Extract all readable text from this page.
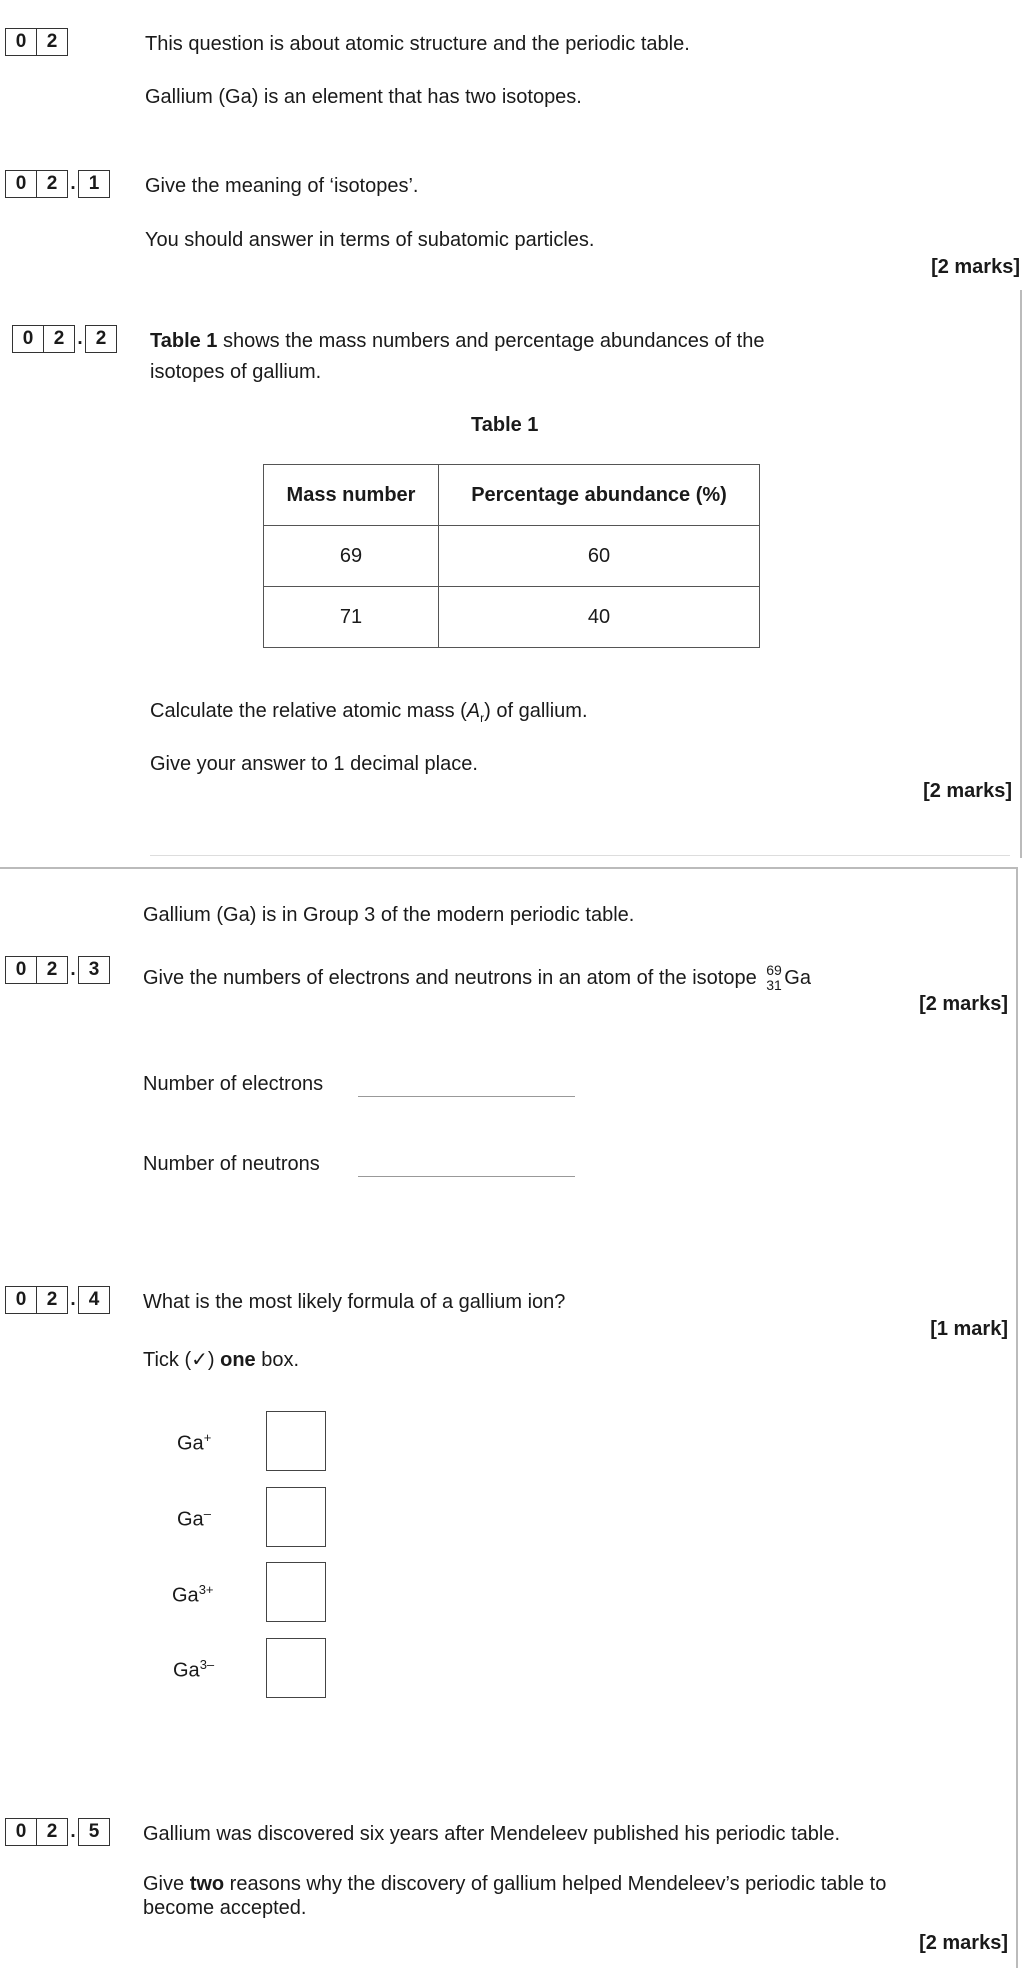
0	2	This question is about atomic structure and the periodic table.
Gallium (Ga) is an element that has two isotopes.
0	2 . 1	Give the meaning of ‘isotopes’.
You should answer in terms of subatomic particles.
[2 marks]
0	2 . 2	Table 1 shows the mass numbers and percentage abundances of the
isotopes of gallium.
Table 1
Mass number	Percentage abundance (%)
69	60
71	40
Calculate the relative atomic mass $(A_r)$ of gallium.
Give your answer to 1 decimal place.
[2 marks]
Gallium (Ga) is in Group 3 of the modern periodic table.
0	2 . 3	Give the numbers of electrons and neutrons in an atom of the isotope 69
31 Ga
[2 marks]
Number of electrons
Number of neutrons
0	2 . 4	What is the most likely formula of a gallium ion?
[1 mark]
Tick (✓) one box.
Ga+
Ga–
$Ga^{3+}$
$Ga^{3-}$
0	2 . 5	Gallium was discovered six years after Mendeleev published his periodic table.
Give two reasons why the discovery of gallium helped Mendeleev’s periodic table to
become accepted.
[2 marks]
